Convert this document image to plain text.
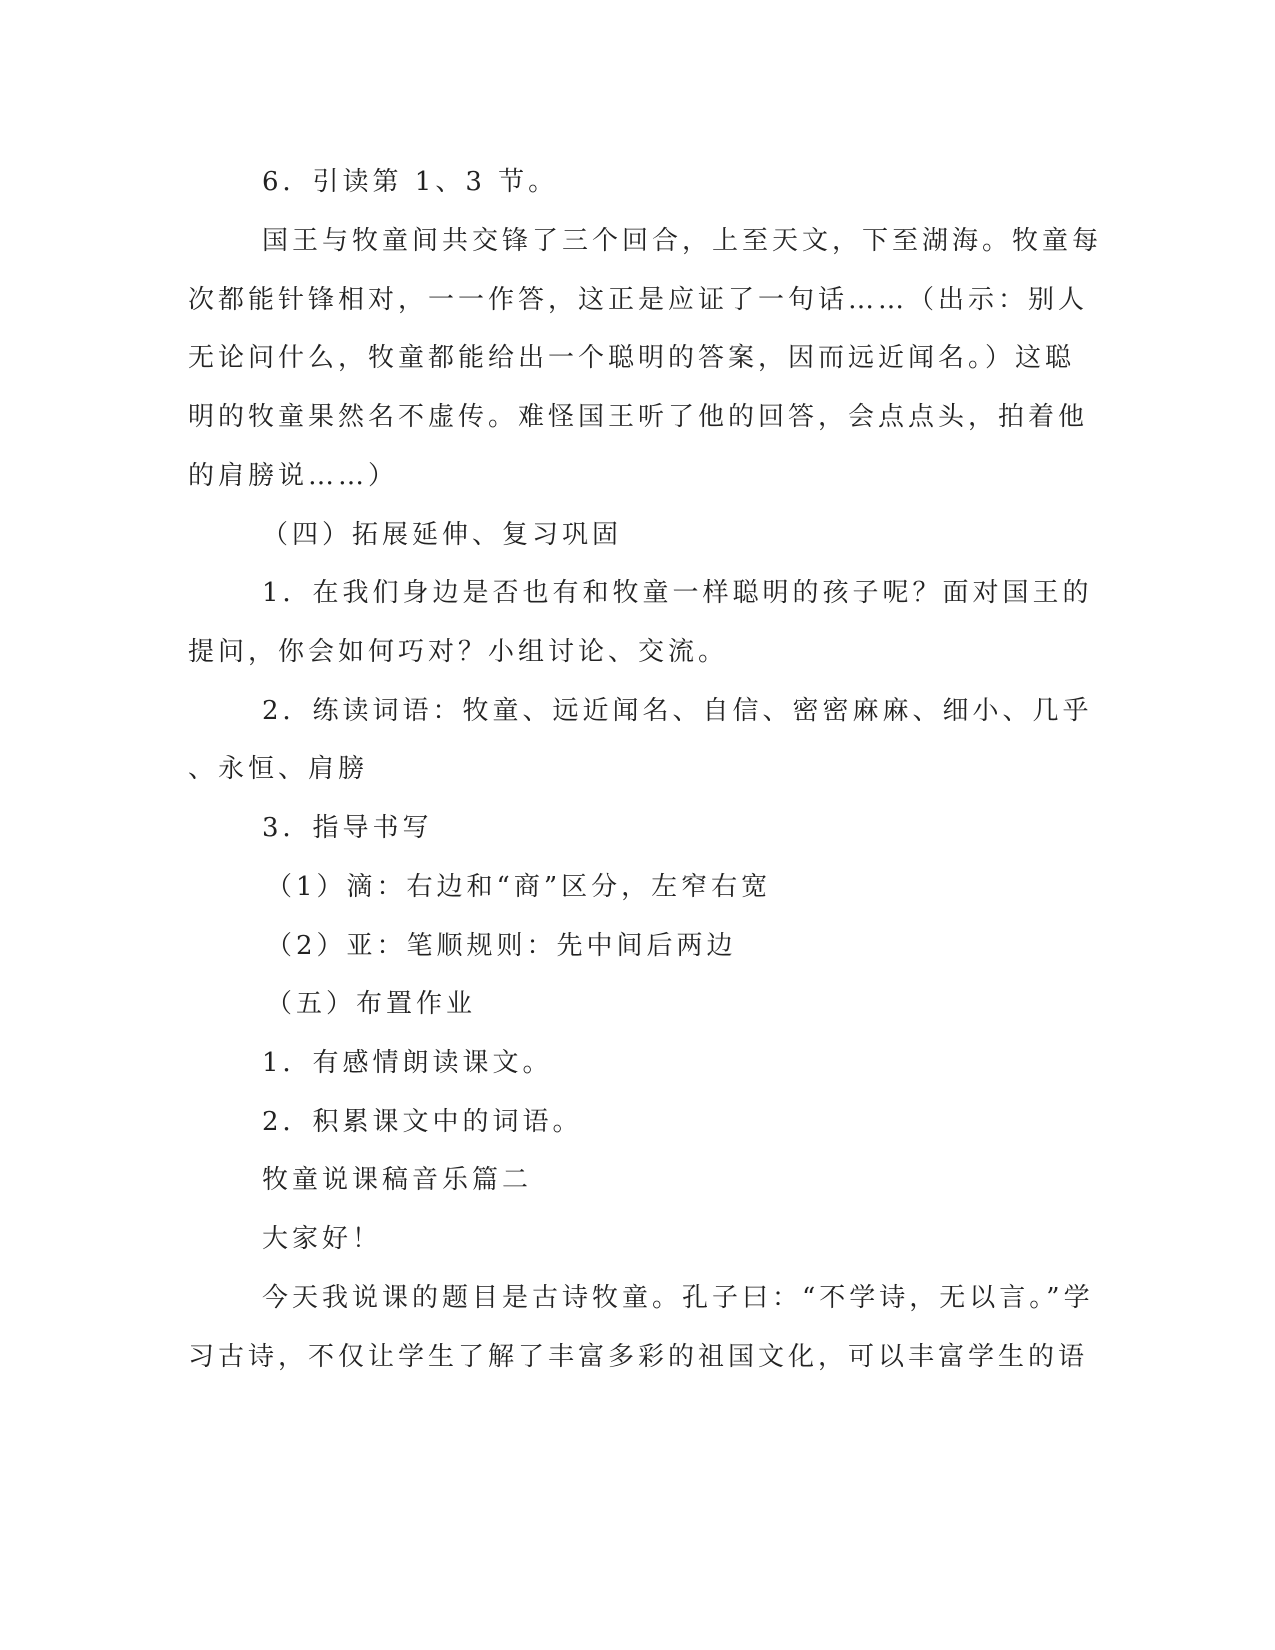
6．引读第 1、3 节。
国王与牧童间共交锋了三个回合，上至天文，下至湖海。牧童每
次都能针锋相对，一一作答，这正是应证了一句话……（出示：别人
无论问什么，牧童都能给出一个聪明的答案，因而远近闻名。）这聪
明的牧童果然名不虚传。难怪国王听了他的回答，会点点头，拍着他
的肩膀说……）
（四）拓展延伸、复习巩固
1．在我们身边是否也有和牧童一样聪明的孩子呢？面对国王的
提问，你会如何巧对？小组讨论、交流。
2．练读词语：牧童、远近闻名、自信、密密麻麻、细小、几乎
、永恒、肩膀
3．指导书写
（1）滴：右边和“商”区分，左窄右宽
（2）亚：笔顺规则：先中间后两边
（五）布置作业
1．有感情朗读课文。
2．积累课文中的词语。
牧童说课稿音乐篇二
大家好！
今天我说课的题目是古诗牧童。孔子曰：“不学诗，无以言。”学
习古诗，不仅让学生了解了丰富多彩的祖国文化，可以丰富学生的语
